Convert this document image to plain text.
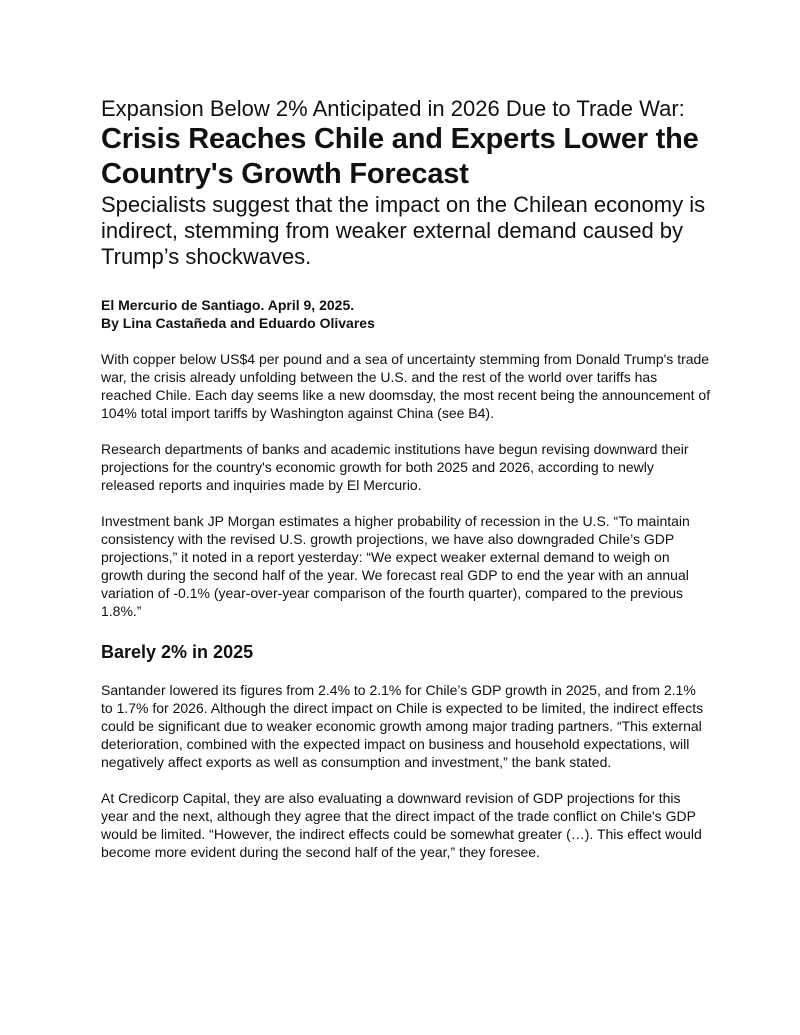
Expansion Below 2% Anticipated in 2026 Due to Trade War:
Crisis Reaches Chile and Experts Lower the Country's Growth Forecast

Specialists suggest that the impact on the Chilean economy is indirect, stemming from weaker external demand caused by Trump’s shockwaves.

El Mercurio de Santiago. April 9, 2025.
By Lina Castañeda and Eduardo Olivares

With copper below US$4 per pound and a sea of uncertainty stemming from Donald Trump's trade war, the crisis already unfolding between the U.S. and the rest of the world over tariffs has reached Chile. Each day seems like a new doomsday, the most recent being the announcement of 104% total import tariffs by Washington against China (see B4).

Research departments of banks and academic institutions have begun revising downward their projections for the country's economic growth for both 2025 and 2026, according to newly released reports and inquiries made by El Mercurio.

Investment bank JP Morgan estimates a higher probability of recession in the U.S. “To maintain consistency with the revised U.S. growth projections, we have also downgraded Chile’s GDP projections,” it noted in a report yesterday: “We expect weaker external demand to weigh on growth during the second half of the year. We forecast real GDP to end the year with an annual variation of -0.1% (year-over-year comparison of the fourth quarter), compared to the previous 1.8%.”

Barely 2% in 2025

Santander lowered its figures from 2.4% to 2.1% for Chile’s GDP growth in 2025, and from 2.1% to 1.7% for 2026. Although the direct impact on Chile is expected to be limited, the indirect effects could be significant due to weaker economic growth among major trading partners. “This external deterioration, combined with the expected impact on business and household expectations, will negatively affect exports as well as consumption and investment,” the bank stated.

At Credicorp Capital, they are also evaluating a downward revision of GDP projections for this year and the next, although they agree that the direct impact of the trade conflict on Chile's GDP would be limited. “However, the indirect effects could be somewhat greater (…). This effect would become more evident during the second half of the year,” they foresee.
